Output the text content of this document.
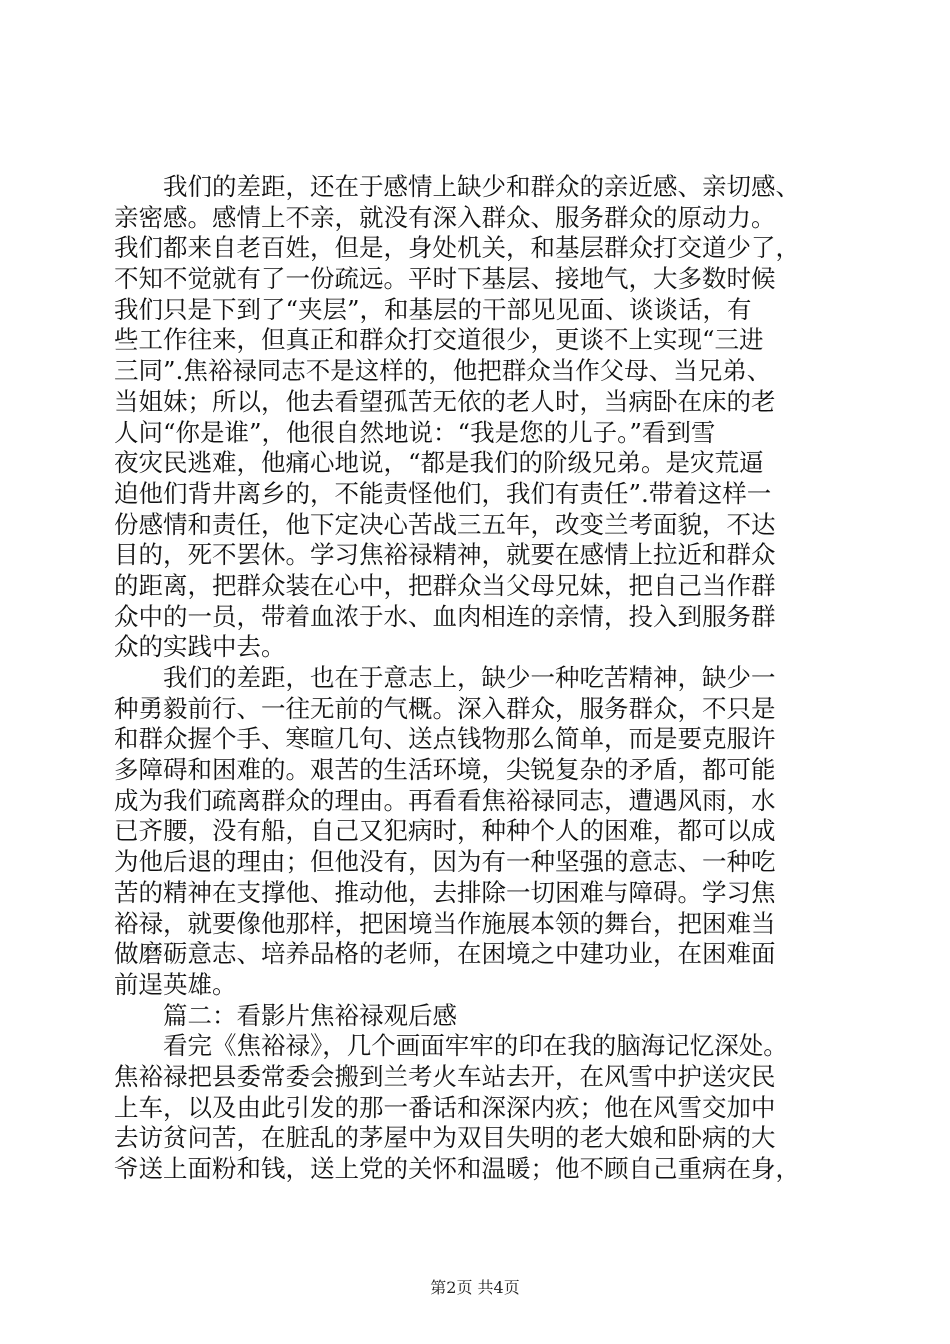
我们的差距，还在于感情上缺少和群众的亲近感、亲切感、
亲密感。感情上不亲，就没有深入群众、服务群众的原动力。
我们都来自老百姓，但是，身处机关，和基层群众打交道少了，
不知不觉就有了一份疏远。平时下基层、接地气，大多数时候
我们只是下到了“夹层”，和基层的干部见见面、谈谈话，有
些工作往来，但真正和群众打交道很少，更谈不上实现“三进
三同”.焦裕禄同志不是这样的，他把群众当作父母、当兄弟、
当姐妹；所以，他去看望孤苦无依的老人时，当病卧在床的老
人问“你是谁”，他很自然地说：“我是您的儿子。”看到雪
夜灾民逃难，他痛心地说，“都是我们的阶级兄弟。是灾荒逼
迫他们背井离乡的，不能责怪他们，我们有责任”.带着这样一
份感情和责任，他下定决心苦战三五年，改变兰考面貌，不达
目的，死不罢休。学习焦裕禄精神，就要在感情上拉近和群众
的距离，把群众装在心中，把群众当父母兄妹，把自己当作群
众中的一员，带着血浓于水、血肉相连的亲情，投入到服务群
众的实践中去。
我们的差距，也在于意志上，缺少一种吃苦精神，缺少一
种勇毅前行、一往无前的气概。深入群众，服务群众，不只是
和群众握个手、寒暄几句、送点钱物那么简单，而是要克服许
多障碍和困难的。艰苦的生活环境，尖锐复杂的矛盾，都可能
成为我们疏离群众的理由。再看看焦裕禄同志，遭遇风雨，水
已齐腰，没有船，自己又犯病时，种种个人的困难，都可以成
为他后退的理由；但他没有，因为有一种坚强的意志、一种吃
苦的精神在支撑他、推动他，去排除一切困难与障碍。学习焦
裕禄，就要像他那样，把困境当作施展本领的舞台，把困难当
做磨砺意志、培养品格的老师，在困境之中建功业，在困难面
前逞英雄。
篇二：看影片焦裕禄观后感
看完《焦裕禄》，几个画面牢牢的印在我的脑海记忆深处。
焦裕禄把县委常委会搬到兰考火车站去开，在风雪中护送灾民
上车，以及由此引发的那一番话和深深内疚；他在风雪交加中
去访贫问苦，在脏乱的茅屋中为双目失明的老大娘和卧病的大
爷送上面粉和钱，送上党的关怀和温暖；他不顾自己重病在身，
第2页 共4页
